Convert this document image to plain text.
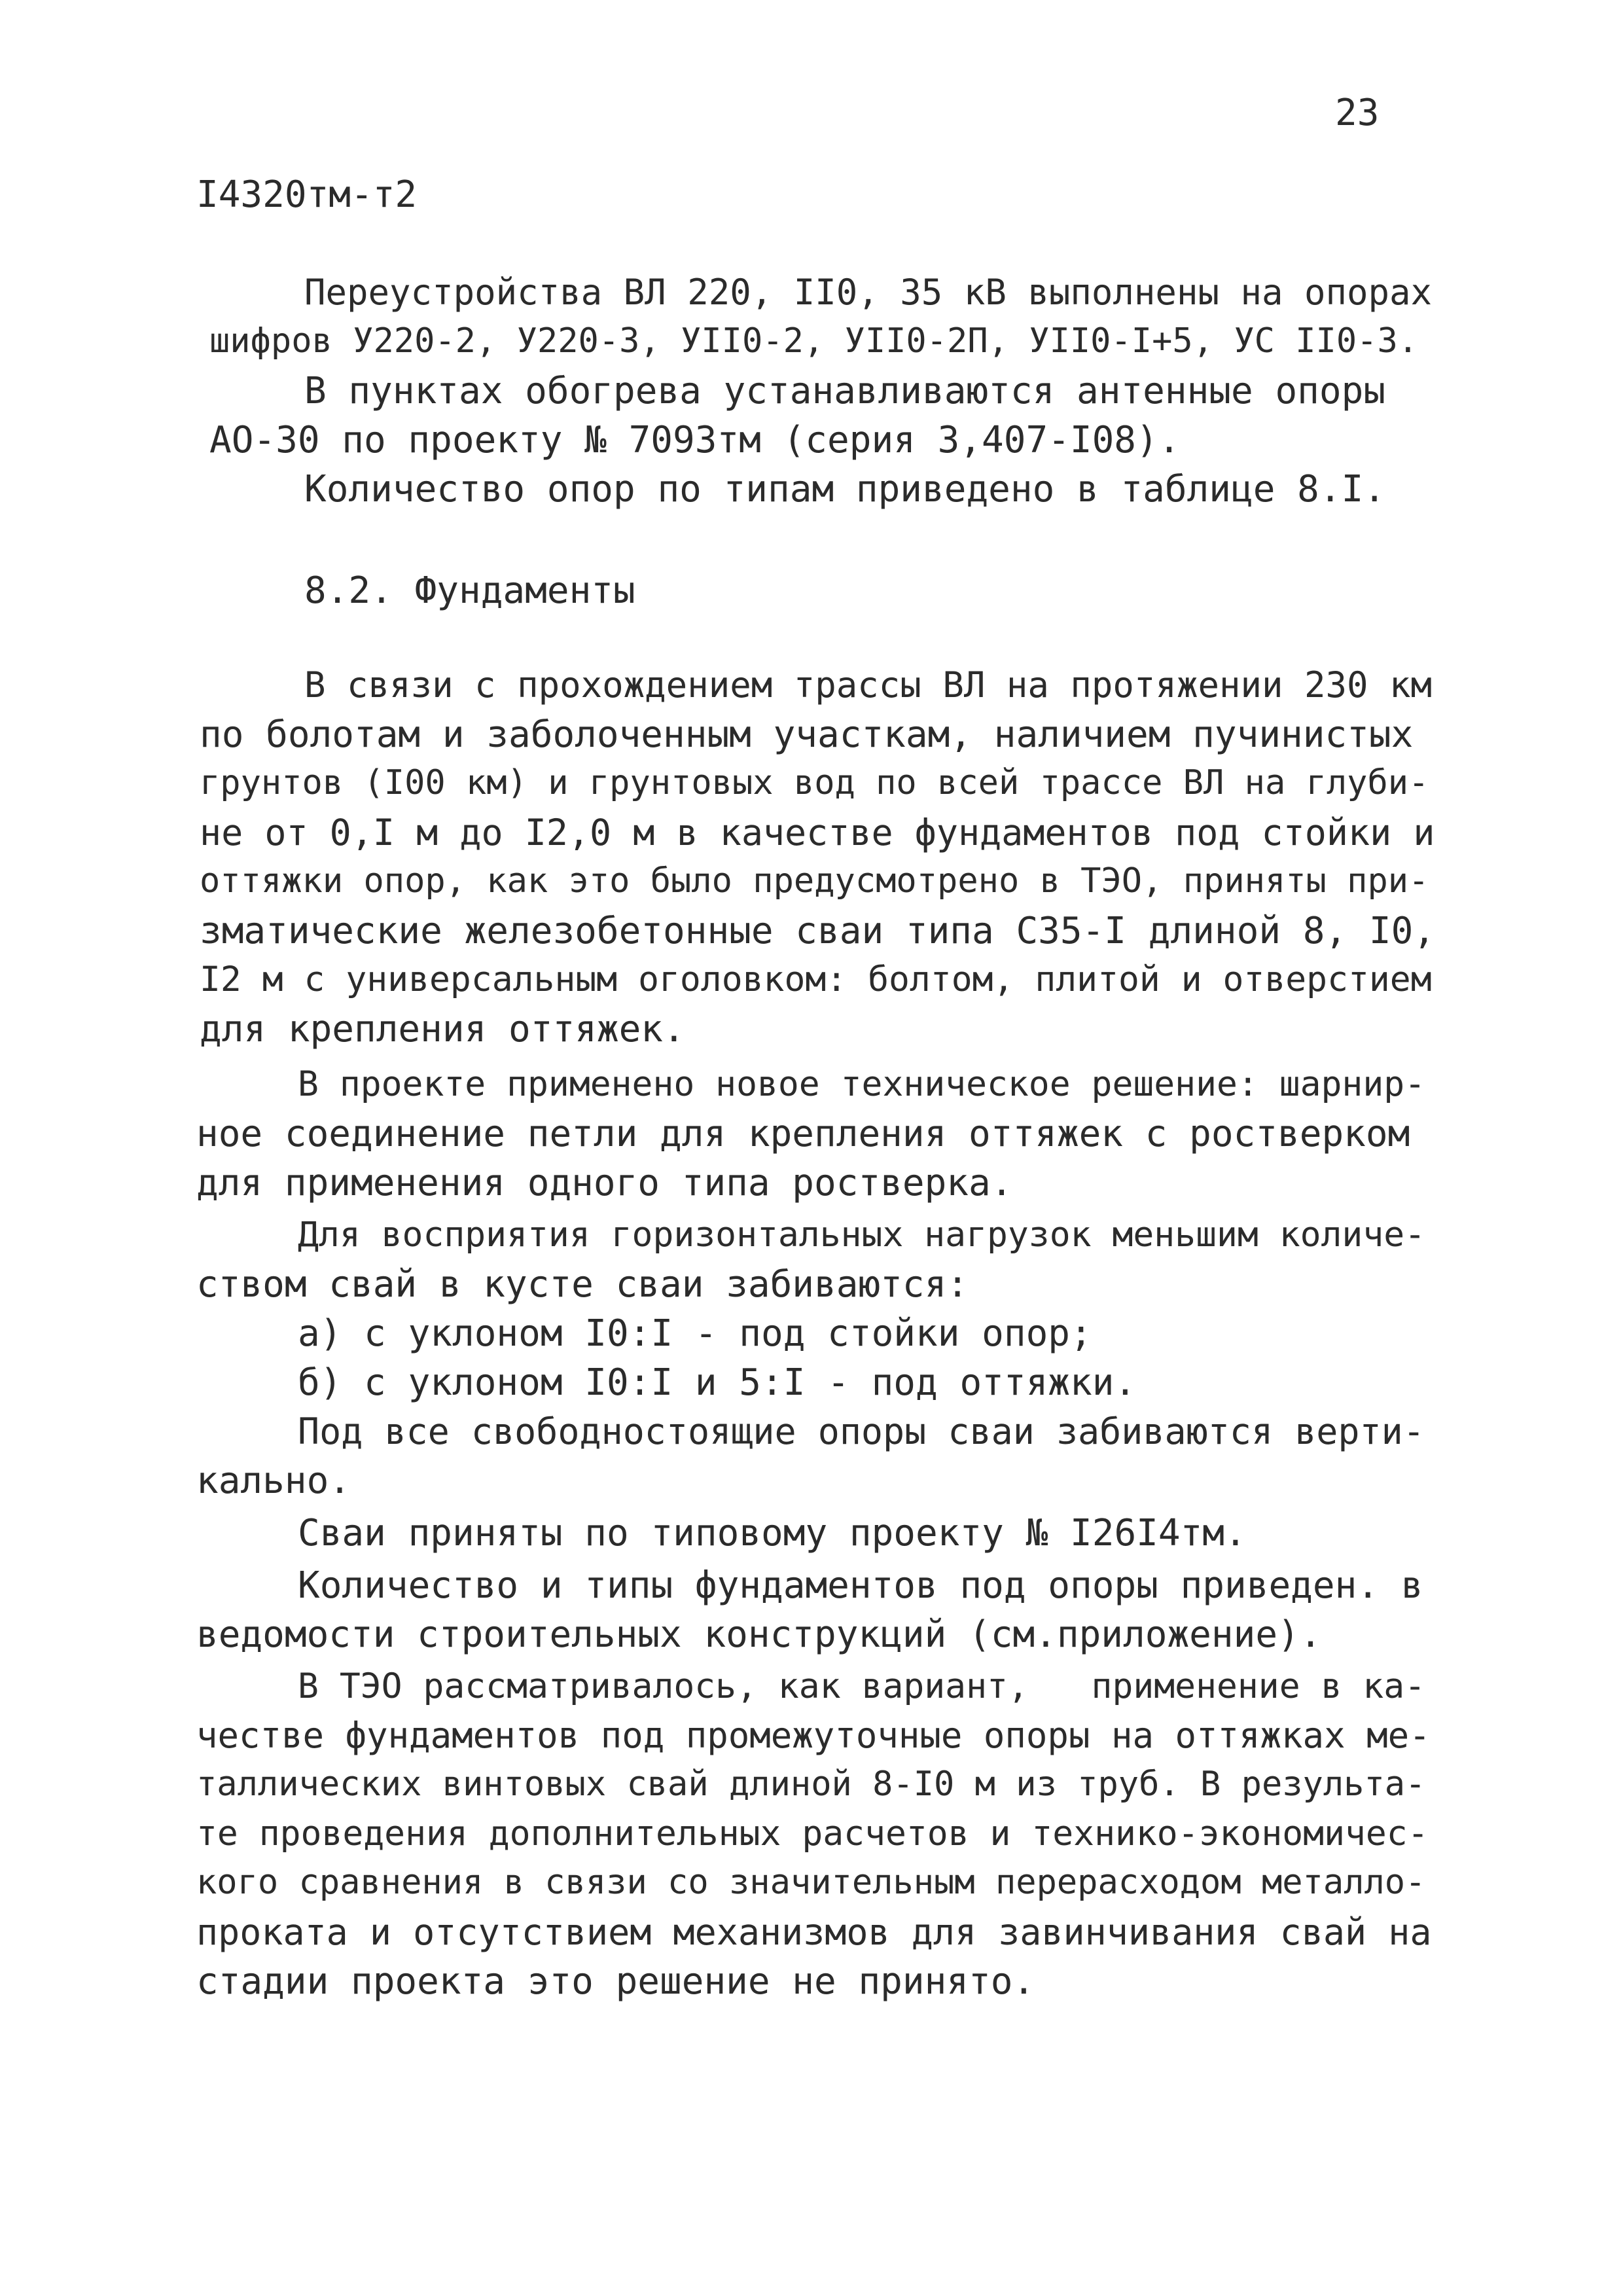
23
I4320тм-т2
Переустройства ВЛ 220, II0, 35 кВ выполнены на опорах
шифров У220-2, У220-3, УII0-2, УII0-2П, УII0-I+5, УС II0-3.
В пунктах обогрева устанавливаются антенные опоры
АО-30 по проекту № 7093тм (серия 3,407-I08).
Количество опор по типам приведено в таблице 8.I.
8.2. Фундаменты
В связи с прохождением трассы ВЛ на протяжении 230 км
по болотам и заболоченным участкам, наличием пучинистых
грунтов (I00 км) и грунтовых вод по всей трассе ВЛ на глуби-
не от 0,I м до I2,0 м в качестве фундаментов под стойки и
оттяжки опор, как это было предусмотрено в ТЭО, приняты при-
зматические железобетонные сваи типа С35-I длиной 8, I0,
I2 м с универсальным оголовком: болтом, плитой и отверстием
для крепления оттяжек.
В проекте применено новое техническое решение: шарнир-
ное соединение петли для крепления оттяжек с ростверком
для применения одного типа ростверка.
Для восприятия горизонтальных нагрузок меньшим количе-
ством свай в кусте сваи забиваются:
а) с уклоном I0:I - под стойки опор;
б) с уклоном I0:I и 5:I - под оттяжки.
Под все свободностоящие опоры сваи забиваются верти-
кально.
Сваи приняты по типовому проекту № I26I4тм.
Количество и типы фундаментов под опоры приведен. в
ведомости строительных конструкций (см.приложение).
В ТЭО рассматривалось, как вариант,   применение в ка-
честве фундаментов под промежуточные опоры на оттяжках ме-
таллических винтовых свай длиной 8-I0 м из труб. В результа-
те проведения дополнительных расчетов и технико-экономичес-
кого сравнения в связи со значительным перерасходом металло-
проката и отсутствием механизмов для завинчивания свай на
стадии проекта это решение не принято.
